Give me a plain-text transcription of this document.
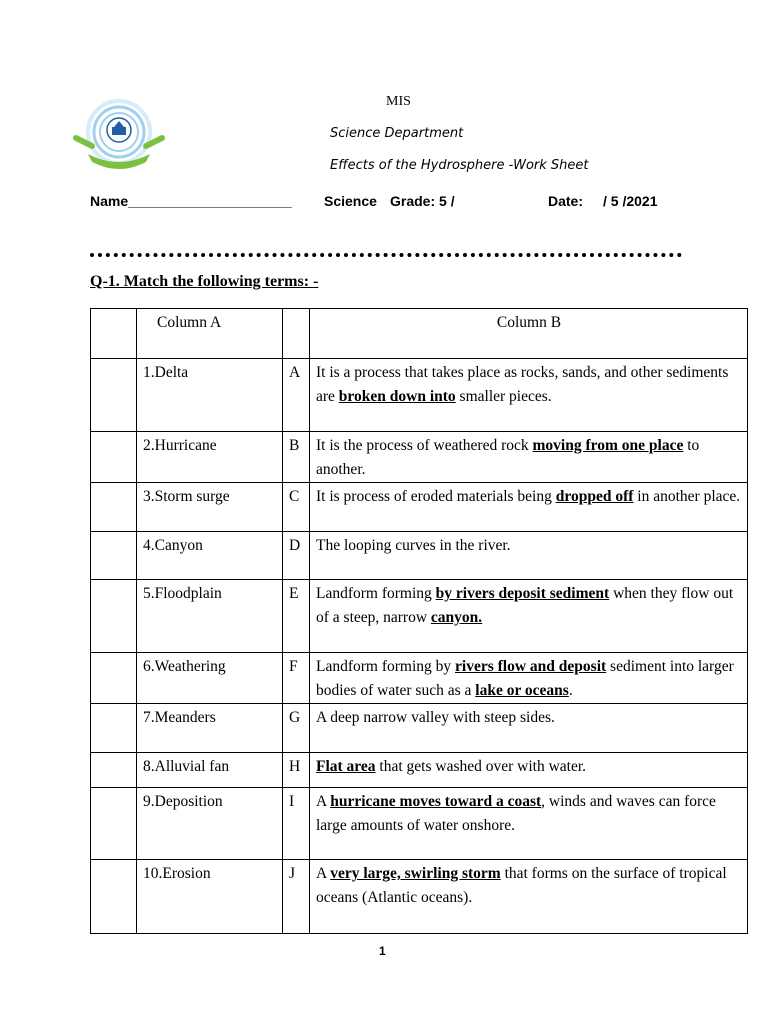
MIS
Science Department
Effects of the Hydrosphere -Work Sheet
Name_____________________ Science Grade: 5 /	Date: / 5 /2021
Q-1. Match the following terms: -
	Column A		Column B
	1.Delta	A	It is a process that takes place as rocks, sands, and other sediments are broken down into smaller pieces.
	2.Hurricane	B	It is the process of weathered rock moving from one place to another.
	3.Storm surge	C	It is process of eroded materials being dropped off in another place.
	4.Canyon	D	The looping curves in the river.
	5.Floodplain	E	Landform forming by rivers deposit sediment when they flow out of a steep, narrow canyon.
	6.Weathering	F	Landform forming by rivers flow and deposit sediment into larger bodies of water such as a lake or oceans.
	7.Meanders	G	A deep narrow valley with steep sides.
	8.Alluvial fan	H	Flat area that gets washed over with water.
	9.Deposition	I	A hurricane moves toward a coast, winds and waves can force large amounts of water onshore.
	10.Erosion	J	A very large, swirling storm that forms on the surface of tropical oceans (Atlantic oceans).
1
